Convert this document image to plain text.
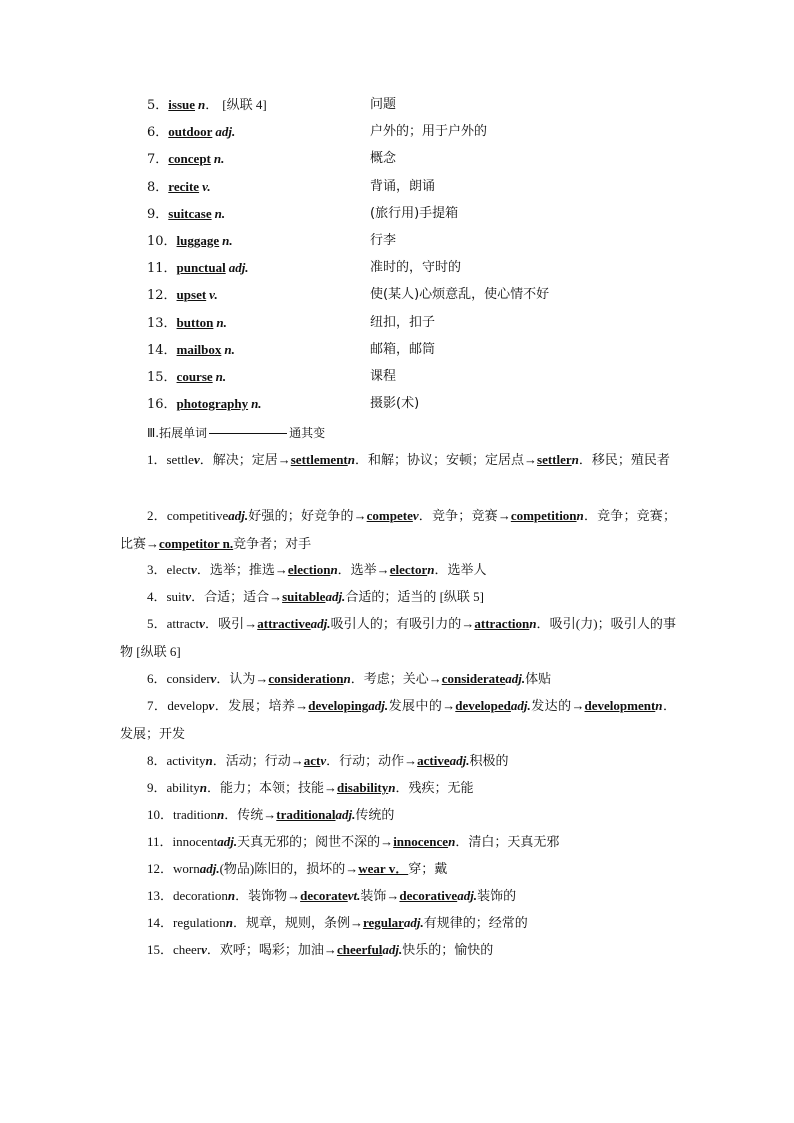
5．issue n． [纵联 4]	问题
6．outdoor adj.	户外的；用于户外的
7．concept n.	概念
8．recite v.	背诵，朗诵
9．suitcase n.	(旅行用)手提箱
10．luggage n.	行李
11．punctual adj.	准时的，守时的
12．upset v.	使(某人)心烦意乱，使心情不好
13．button n.	纽扣，扣子
14．mailbox n.	邮箱，邮筒
15．course n.	课程
16．photography n.	摄影(术)
Ⅲ.拓展单词	通其变
1．settlev．解决；定居→settlementn．和解；协议；安顿；定居点→settlern．移民；殖民者
2．competitiveadj.好强的；好竞争的→competev．竞争；竞赛→competitionn．竞争；竞赛；比赛→competitor n.竞争者；对手
3．electv．选举；推选→electionn．选举→electorn．选举人
4．suitv．合适；适合→suitableadj.合适的；适当的 [纵联 5]
5．attractv．吸引→attractiveadj.吸引人的；有吸引力的→attractionn．吸引(力)；吸引人的事物 [纵联 6]
6．considerv．认为→considerationn．考虑；关心→considerateadj.体贴
7．developv．发展；培养→developingadj.发展中的→developedadj.发达的→developmentn．发展；开发
8．activityn．活动；行动→actv．行动；动作→activeadj.积极的
9．abilityn．能力；本领；技能→disabilityn．残疾；无能
10．traditionn．传统→traditionaladj.传统的
11．innocentadj.天真无邪的；阅世不深的→innocencen．清白；天真无邪
12．wornadj.(物品)陈旧的，损坏的→wear v．穿；戴
13．decorationn．装饰物→decoratevt.装饰→decorativeadj.装饰的
14．regulationn．规章，规则，条例→regularadj.有规律的；经常的
15．cheerv．欢呼；喝彩；加油→cheerfuladj.快乐的；愉快的
